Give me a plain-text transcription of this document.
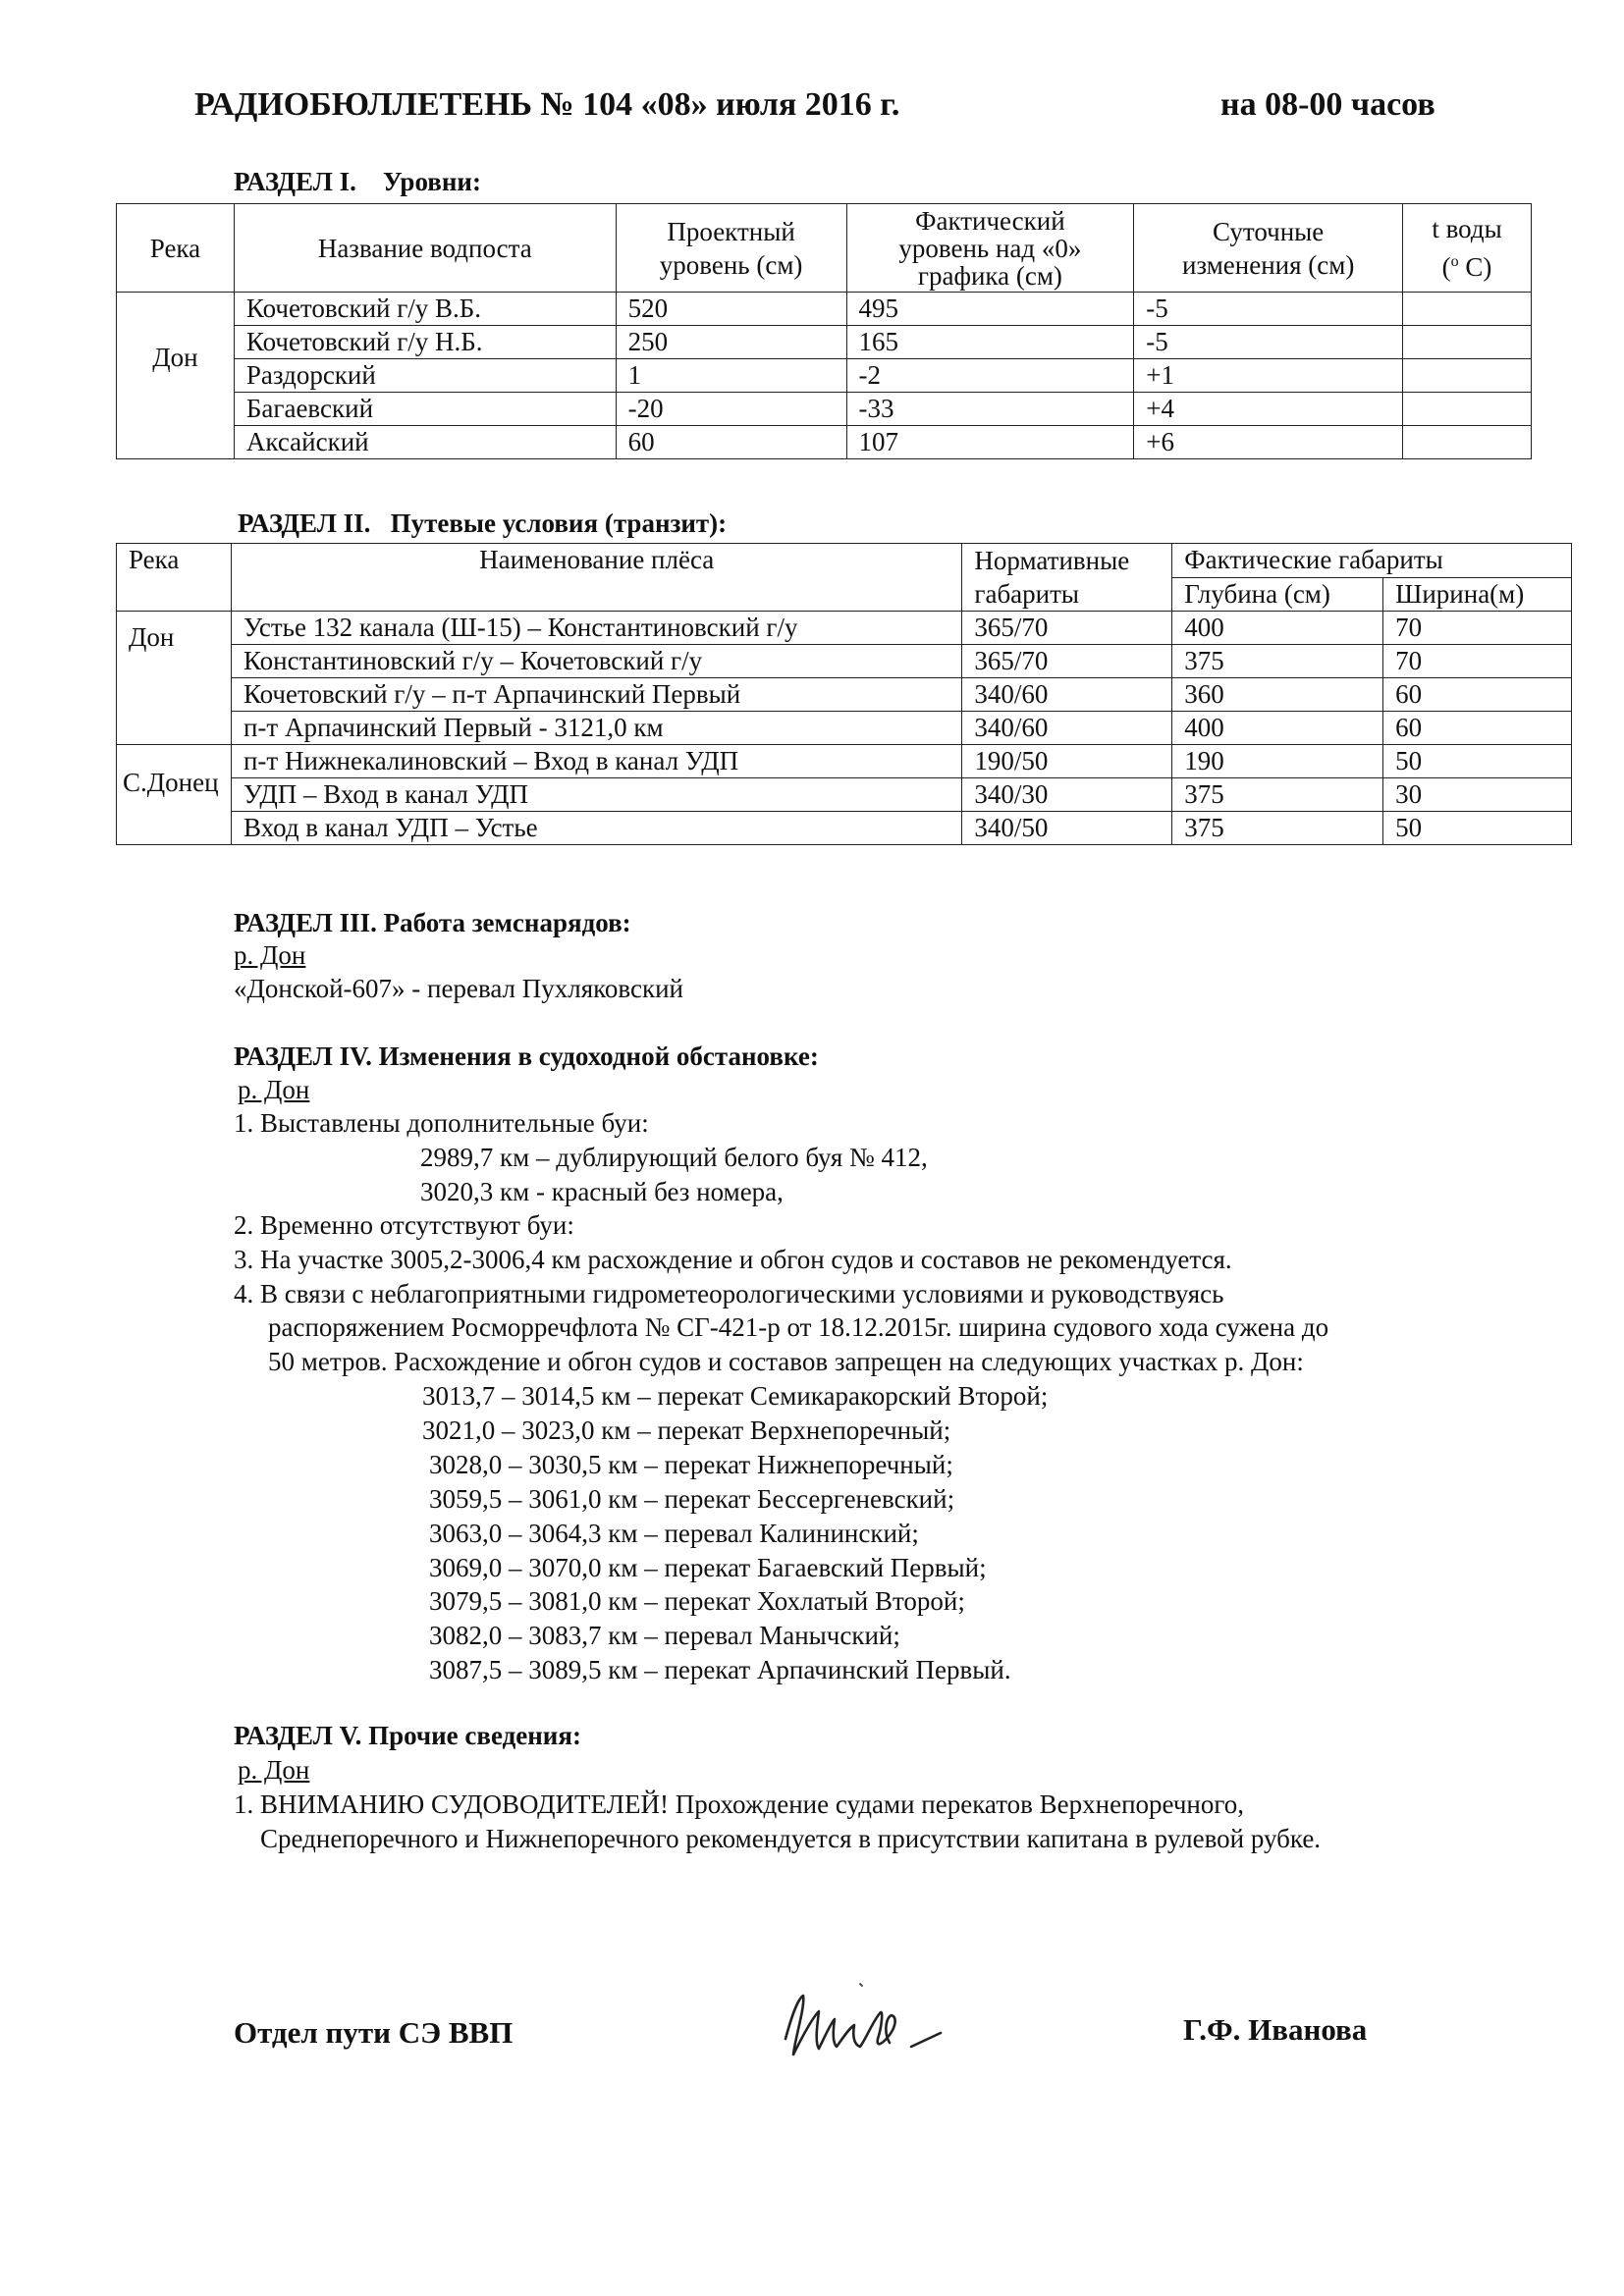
РАДИОБЮЛЛЕТЕНЬ № 104 «08» июля 2016 г.	на 08-00 часов
РАЗДЕЛ I.    Уровни:
Река	Название водпоста	Проектный
уровень (см)	Фактический
уровень над «0»
графика (см)	Суточные
изменения (см)	t воды
($^o$ С)
Дон	Кочетовский г/у В.Б.	520	495	-5	
	Кочетовский г/у Н.Б.	250	165	-5	
	Раздорский	1	-2	+1	
	Багаевский	-20	-33	+4	
	Аксайский	60	107	+6	
РАЗДЕЛ II.   Путевые условия (транзит):
Река	Наименование плёса	Нормативные
габариты	Фактические габариты	
			Глубина (см)	Ширина(м)
Дон	Устье 132 канала (Ш-15) – Константиновский г/у	365/70	400	70
	Константиновский г/у – Кочетовский г/у	365/70	375	70
	Кочетовский г/у – п-т Арпачинский Первый	340/60	360	60
	п-т Арпачинский Первый - 3121,0 км	340/60	400	60
С.Донец	п-т Нижнекалиновский – Вход в канал УДП	190/50	190	50
	УДП – Вход в канал УДП	340/30	375	30
	Вход в канал УДП – Устье	340/50	375	50
РАЗДЕЛ III. Работа земснарядов:
р. Дон
«Донской-607» - перевал Пухляковский
РАЗДЕЛ IV. Изменения в судоходной обстановке:
р. Дон
1. Выставлены дополнительные буи:
2989,7 км – дублирующий белого буя № 412,
3020,3 км - красный без номера,
2. Временно отсутствуют буи:
3. На участке 3005,2-3006,4 км расхождение и обгон судов и составов не рекомендуется.
4. В связи с неблагоприятными гидрометеорологическими условиями и руководствуясь
распоряжением Росморречфлота № СГ-421-р от 18.12.2015г. ширина судового хода сужена до
50 метров. Расхождение и обгон судов и составов запрещен на следующих участках р. Дон:
3013,7 – 3014,5 км – перекат Семикаракорский Второй;
3021,0 – 3023,0 км – перекат Верхнепоречный;
3028,0 – 3030,5 км – перекат Нижнепоречный;
3059,5 – 3061,0 км – перекат Бессергеневский;
3063,0 – 3064,3 км – перевал Калининский;
3069,0 – 3070,0 км – перекат Багаевский Первый;
3079,5 – 3081,0 км – перекат Хохлатый Второй;
3082,0 – 3083,7 км – перевал Манычский;
3087,5 – 3089,5 км – перекат Арпачинский Первый.
РАЗДЕЛ V. Прочие сведения:
р. Дон
1. ВНИМАНИЮ СУДОВОДИТЕЛЕЙ! Прохождение судами перекатов Верхнепоречного,
Среднепоречного и Нижнепоречного рекомендуется в присутствии капитана в рулевой рубке.
Отдел пути СЭ ВВП	Г.Ф. Иванова
